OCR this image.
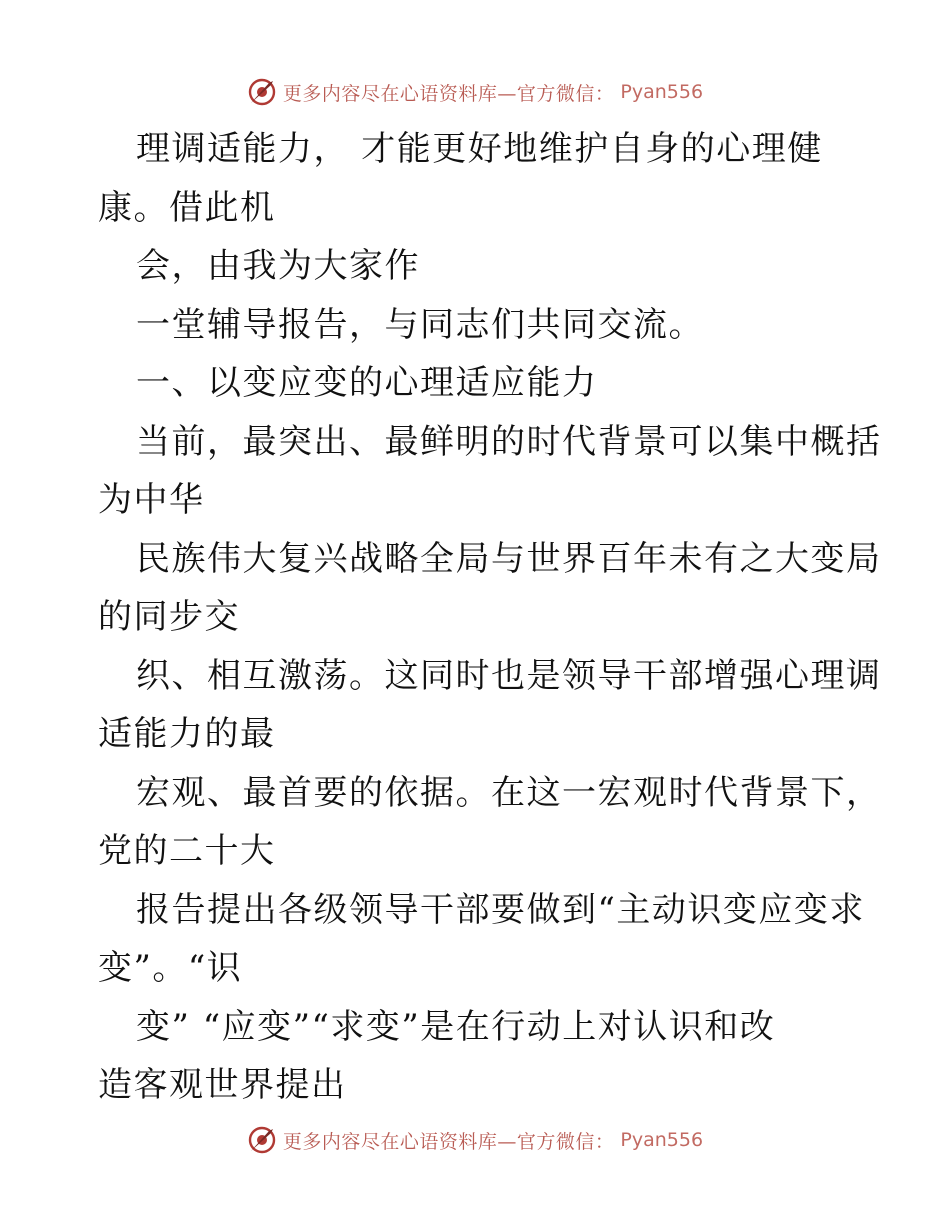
更多内容尽在心语资料库—官方微信： Pyan556
理调适能力， 才能更好地维护自身的心理健
康。借此机
会，由我为大家作
一堂辅导报告，与同志们共同交流。
一、以变应变的心理适应能力
当前，最突出、最鲜明的时代背景可以集中概括
为中华
民族伟大复兴战略全局与世界百年未有之大变局
的同步交
织、相互激荡。这同时也是领导干部增强心理调
适能力的最
宏观、最首要的依据。在这一宏观时代背景下，
党的二十大
报告提出各级领导干部要做到“主动识变应变求
变”。“识
变” “应变”“求变”是在行动上对认识和改
造客观世界提出
更多内容尽在心语资料库—官方微信： Pyan556
